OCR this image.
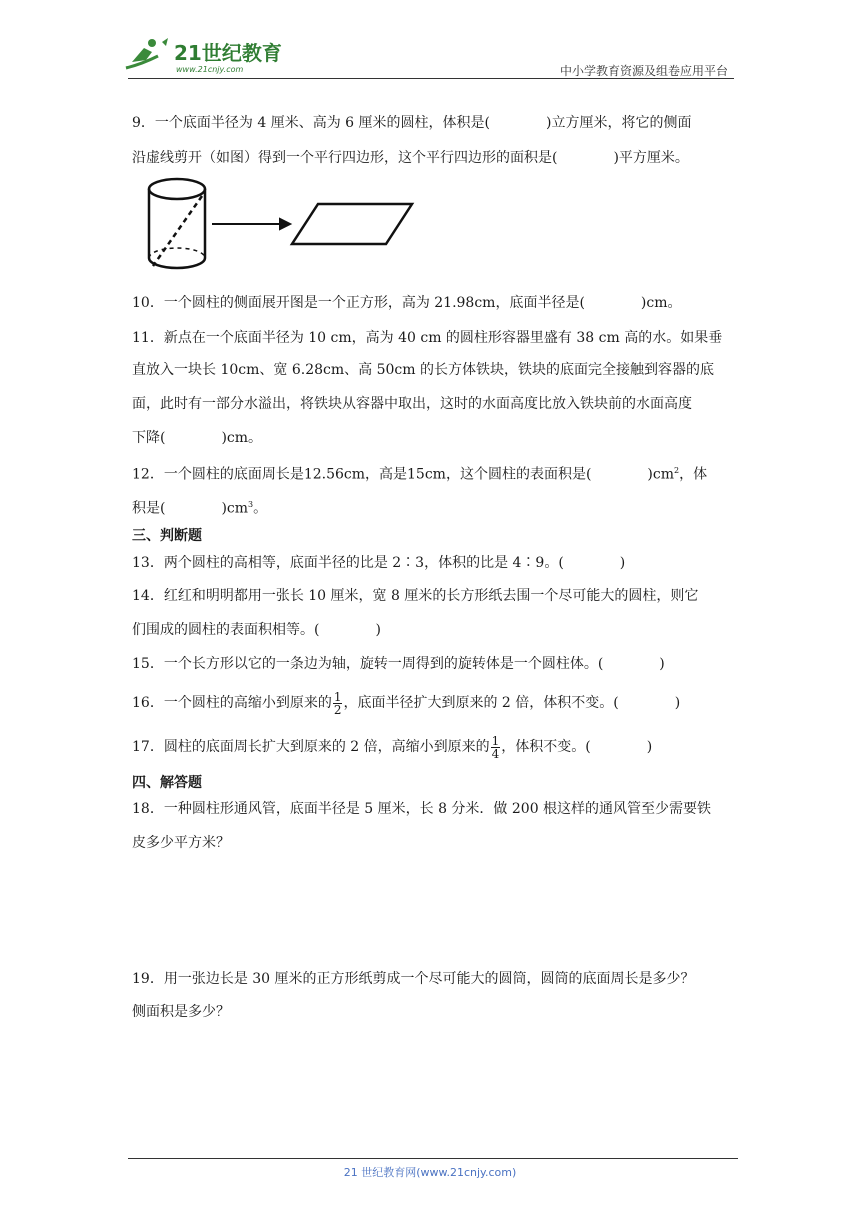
21世纪教育
www.21cnjy.com	中小学教育资源及组卷应用平台
9．一个底面半径为 4 厘米、高为 6 厘米的圆柱，体积是(　　　　)立方厘米，将它的侧面
沿虚线剪开（如图）得到一个平行四边形，这个平行四边形的面积是(　　　　)平方厘米。
10．一个圆柱的侧面展开图是一个正方形，高为 21.98cm，底面半径是(　　　　)cm。
11．新点在一个底面半径为 10 cm，高为 40 cm 的圆柱形容器里盛有 38 cm 高的水。如果垂
直放入一块长 10cm、宽 6.28cm、高 50cm 的长方体铁块，铁块的底面完全接触到容器的底
面，此时有一部分水溢出，将铁块从容器中取出，这时的水面高度比放入铁块前的水面高度
下降(　　　　)cm。
12．一个圆柱的底面周长是12.56cm，高是15cm，这个圆柱的表面积是(　　　　)$cm^2$，体
积是(　　　　)$cm^3$。
三、判断题
13．两个圆柱的高相等，底面半径的比是 2∶3，体积的比是 4∶9。(　　　　)
14．红红和明明都用一张长 10 厘米，宽 8 厘米的长方形纸去围一个尽可能大的圆柱，则它
们围成的圆柱的表面积相等。(　　　　)
15．一个长方形以它的一条边为轴，旋转一周得到的旋转体是一个圆柱体。(　　　　)
16．一个圆柱的高缩小到原来的 $\frac{1}{2}$ ，底面半径扩大到原来的 2 倍，体积不变。(　　　　)
17．圆柱的底面周长扩大到原来的 2 倍，高缩小到原来的 $\frac{1}{4}$ ，体积不变。(　　　　)
四、解答题
18．一种圆柱形通风管，底面半径是 5 厘米，长 8 分米．做 200 根这样的通风管至少需要铁
皮多少平方米？
19．用一张边长是 30 厘米的正方形纸剪成一个尽可能大的圆筒，圆筒的底面周长是多少？
侧面积是多少？
21 世纪教育网(www.21cnjy.com)
